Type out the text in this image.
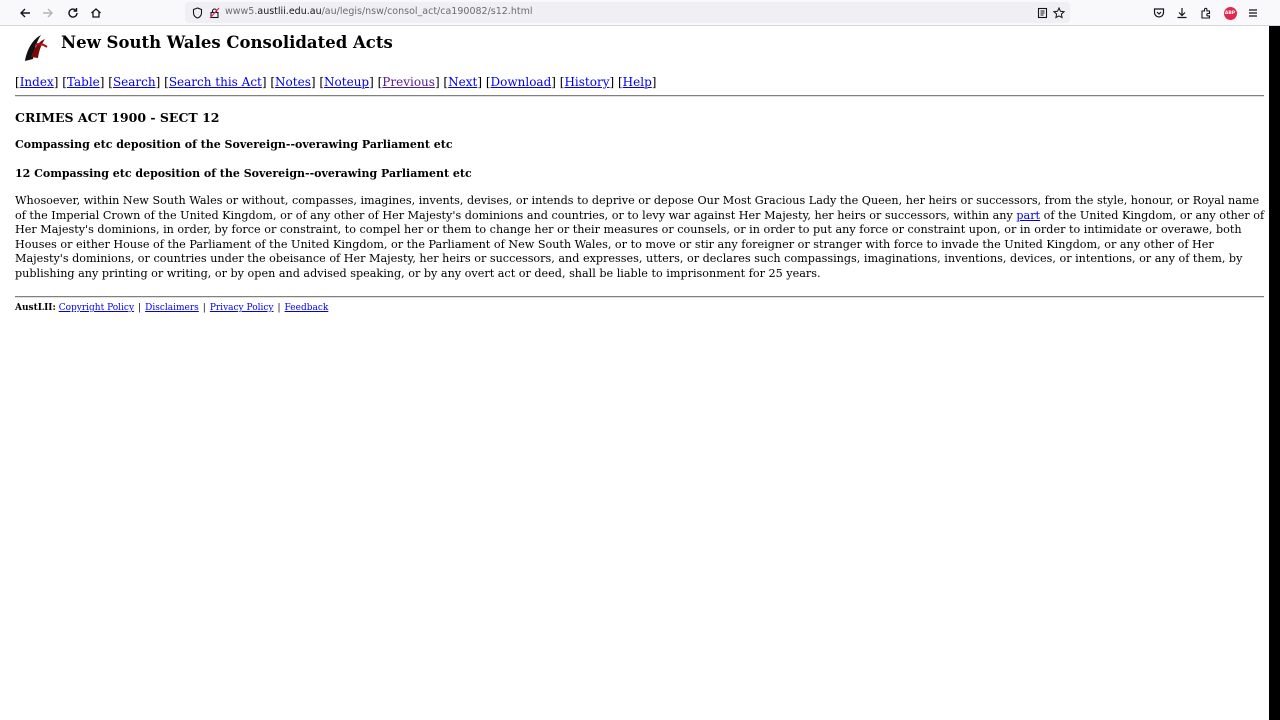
www5.austlii.edu.au/au/legis/nsw/consol_act/ca190082/s12.html	ABP
New South Wales Consolidated Acts
[Index] [Table] [Search] [Search this Act] [Notes] [Noteup] [Previous] [Next] [Download] [History] [Help]
CRIMES ACT 1900 - SECT 12
Compassing etc deposition of the Sovereign--overawing Parliament etc
12 Compassing etc deposition of the Sovereign--overawing Parliament etc
Whosoever, within New South Wales or without, compasses, imagines, invents, devises, or intends to deprive or depose Our Most Gracious Lady the Queen, her heirs or successors, from the style, honour, or Royal name of the Imperial Crown of the United Kingdom, or of any other of Her Majesty's dominions and countries, or to levy war against Her Majesty, her heirs or successors, within any part of the United Kingdom, or any other of Her Majesty's dominions, in order, by force or constraint, to compel her or them to change her or their measures or counsels, or in order to put any force or constraint upon, or in order to intimidate or overawe, both Houses or either House of the Parliament of the United Kingdom, or the Parliament of New South Wales, or to move or stir any foreigner or stranger with force to invade the United Kingdom, or any other of Her Majesty's dominions, or countries under the obeisance of Her Majesty, her heirs or successors, and expresses, utters, or declares such compassings, imaginations, inventions, devices, or intentions, or any of them, by publishing any printing or writing, or by open and advised speaking, or by any overt act or deed, shall be liable to imprisonment for 25 years.
AustLII: Copyright Policy | Disclaimers | Privacy Policy | Feedback
